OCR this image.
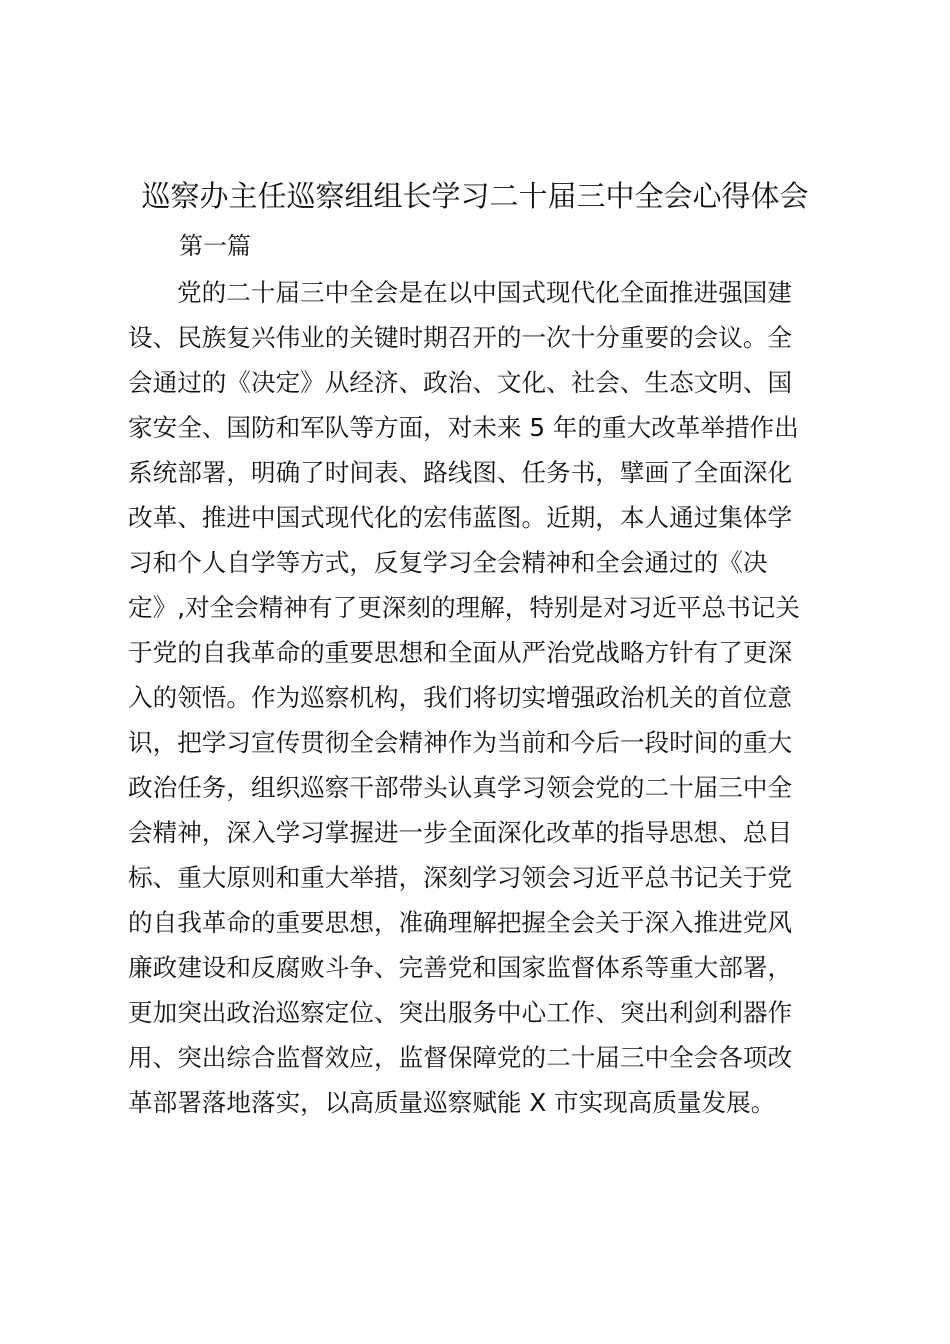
巡察办主任巡察组组长学习二十届三中全会心得体会
第一篇
党的二十届三中全会是在以中国式现代化全面推进强国建
设、民族复兴伟业的关键时期召开的一次十分重要的会议。全
会通过的《决定》从经济、政治、文化、社会、生态文明、国
家安全、国防和军队等方面，对未来 5 年的重大改革举措作出
系统部署，明确了时间表、路线图、任务书，擘画了全面深化
改革、推进中国式现代化的宏伟蓝图。近期，本人通过集体学
习和个人自学等方式，反复学习全会精神和全会通过的《决
定》,对全会精神有了更深刻的理解，特别是对习近平总书记关
于党的自我革命的重要思想和全面从严治党战略方针有了更深
入的领悟。作为巡察机构，我们将切实增强政治机关的首位意
识，把学习宣传贯彻全会精神作为当前和今后一段时间的重大
政治任务，组织巡察干部带头认真学习领会党的二十届三中全
会精神，深入学习掌握进一步全面深化改革的指导思想、总目
标、重大原则和重大举措，深刻学习领会习近平总书记关于党
的自我革命的重要思想，准确理解把握全会关于深入推进党风
廉政建设和反腐败斗争、完善党和国家监督体系等重大部署，
更加突出政治巡察定位、突出服务中心工作、突出利剑利器作
用、突出综合监督效应，监督保障党的二十届三中全会各项改
革部署落地落实，以高质量巡察赋能 X 市实现高质量发展。
